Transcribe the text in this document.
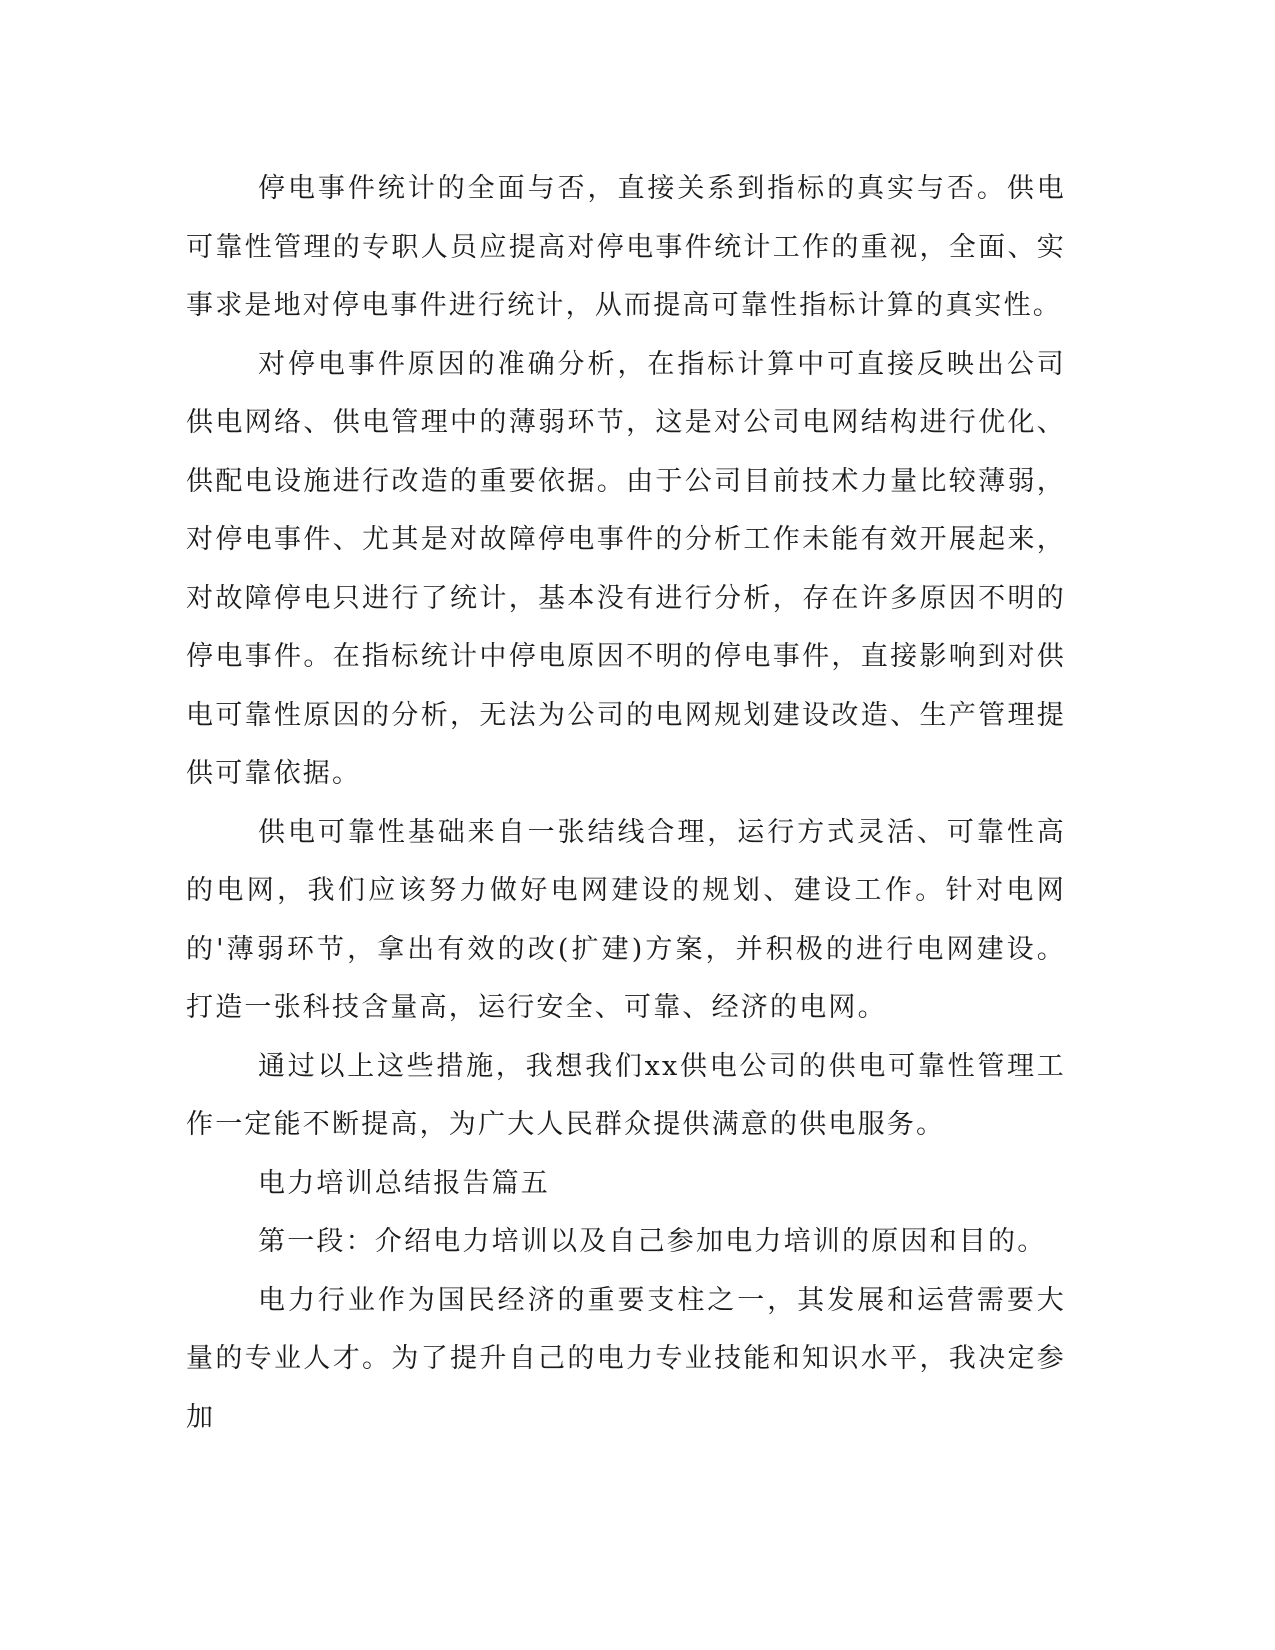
停电事件统计的全面与否，直接关系到指标的真实与否。供电可靠性管理的专职人员应提高对停电事件统计工作的重视，全面、实事求是地对停电事件进行统计，从而提高可靠性指标计算的真实性。

对停电事件原因的准确分析，在指标计算中可直接反映出公司供电网络、供电管理中的薄弱环节，这是对公司电网结构进行优化、供配电设施进行改造的重要依据。由于公司目前技术力量比较薄弱，对停电事件、尤其是对故障停电事件的分析工作未能有效开展起来，对故障停电只进行了统计，基本没有进行分析，存在许多原因不明的停电事件。在指标统计中停电原因不明的停电事件，直接影响到对供电可靠性原因的分析，无法为公司的电网规划建设改造、生产管理提供可靠依据。

供电可靠性基础来自一张结线合理，运行方式灵活、可靠性高的电网，我们应该努力做好电网建设的规划、建设工作。针对电网的'薄弱环节，拿出有效的改(扩建)方案，并积极的进行电网建设。打造一张科技含量高，运行安全、可靠、经济的电网。

通过以上这些措施，我想我们xx供电公司的供电可靠性管理工作一定能不断提高，为广大人民群众提供满意的供电服务。

电力培训总结报告篇五

第一段：介绍电力培训以及自己参加电力培训的原因和目的。

电力行业作为国民经济的重要支柱之一，其发展和运营需要大量的专业人才。为了提升自己的电力专业技能和知识水平，我决定参加
